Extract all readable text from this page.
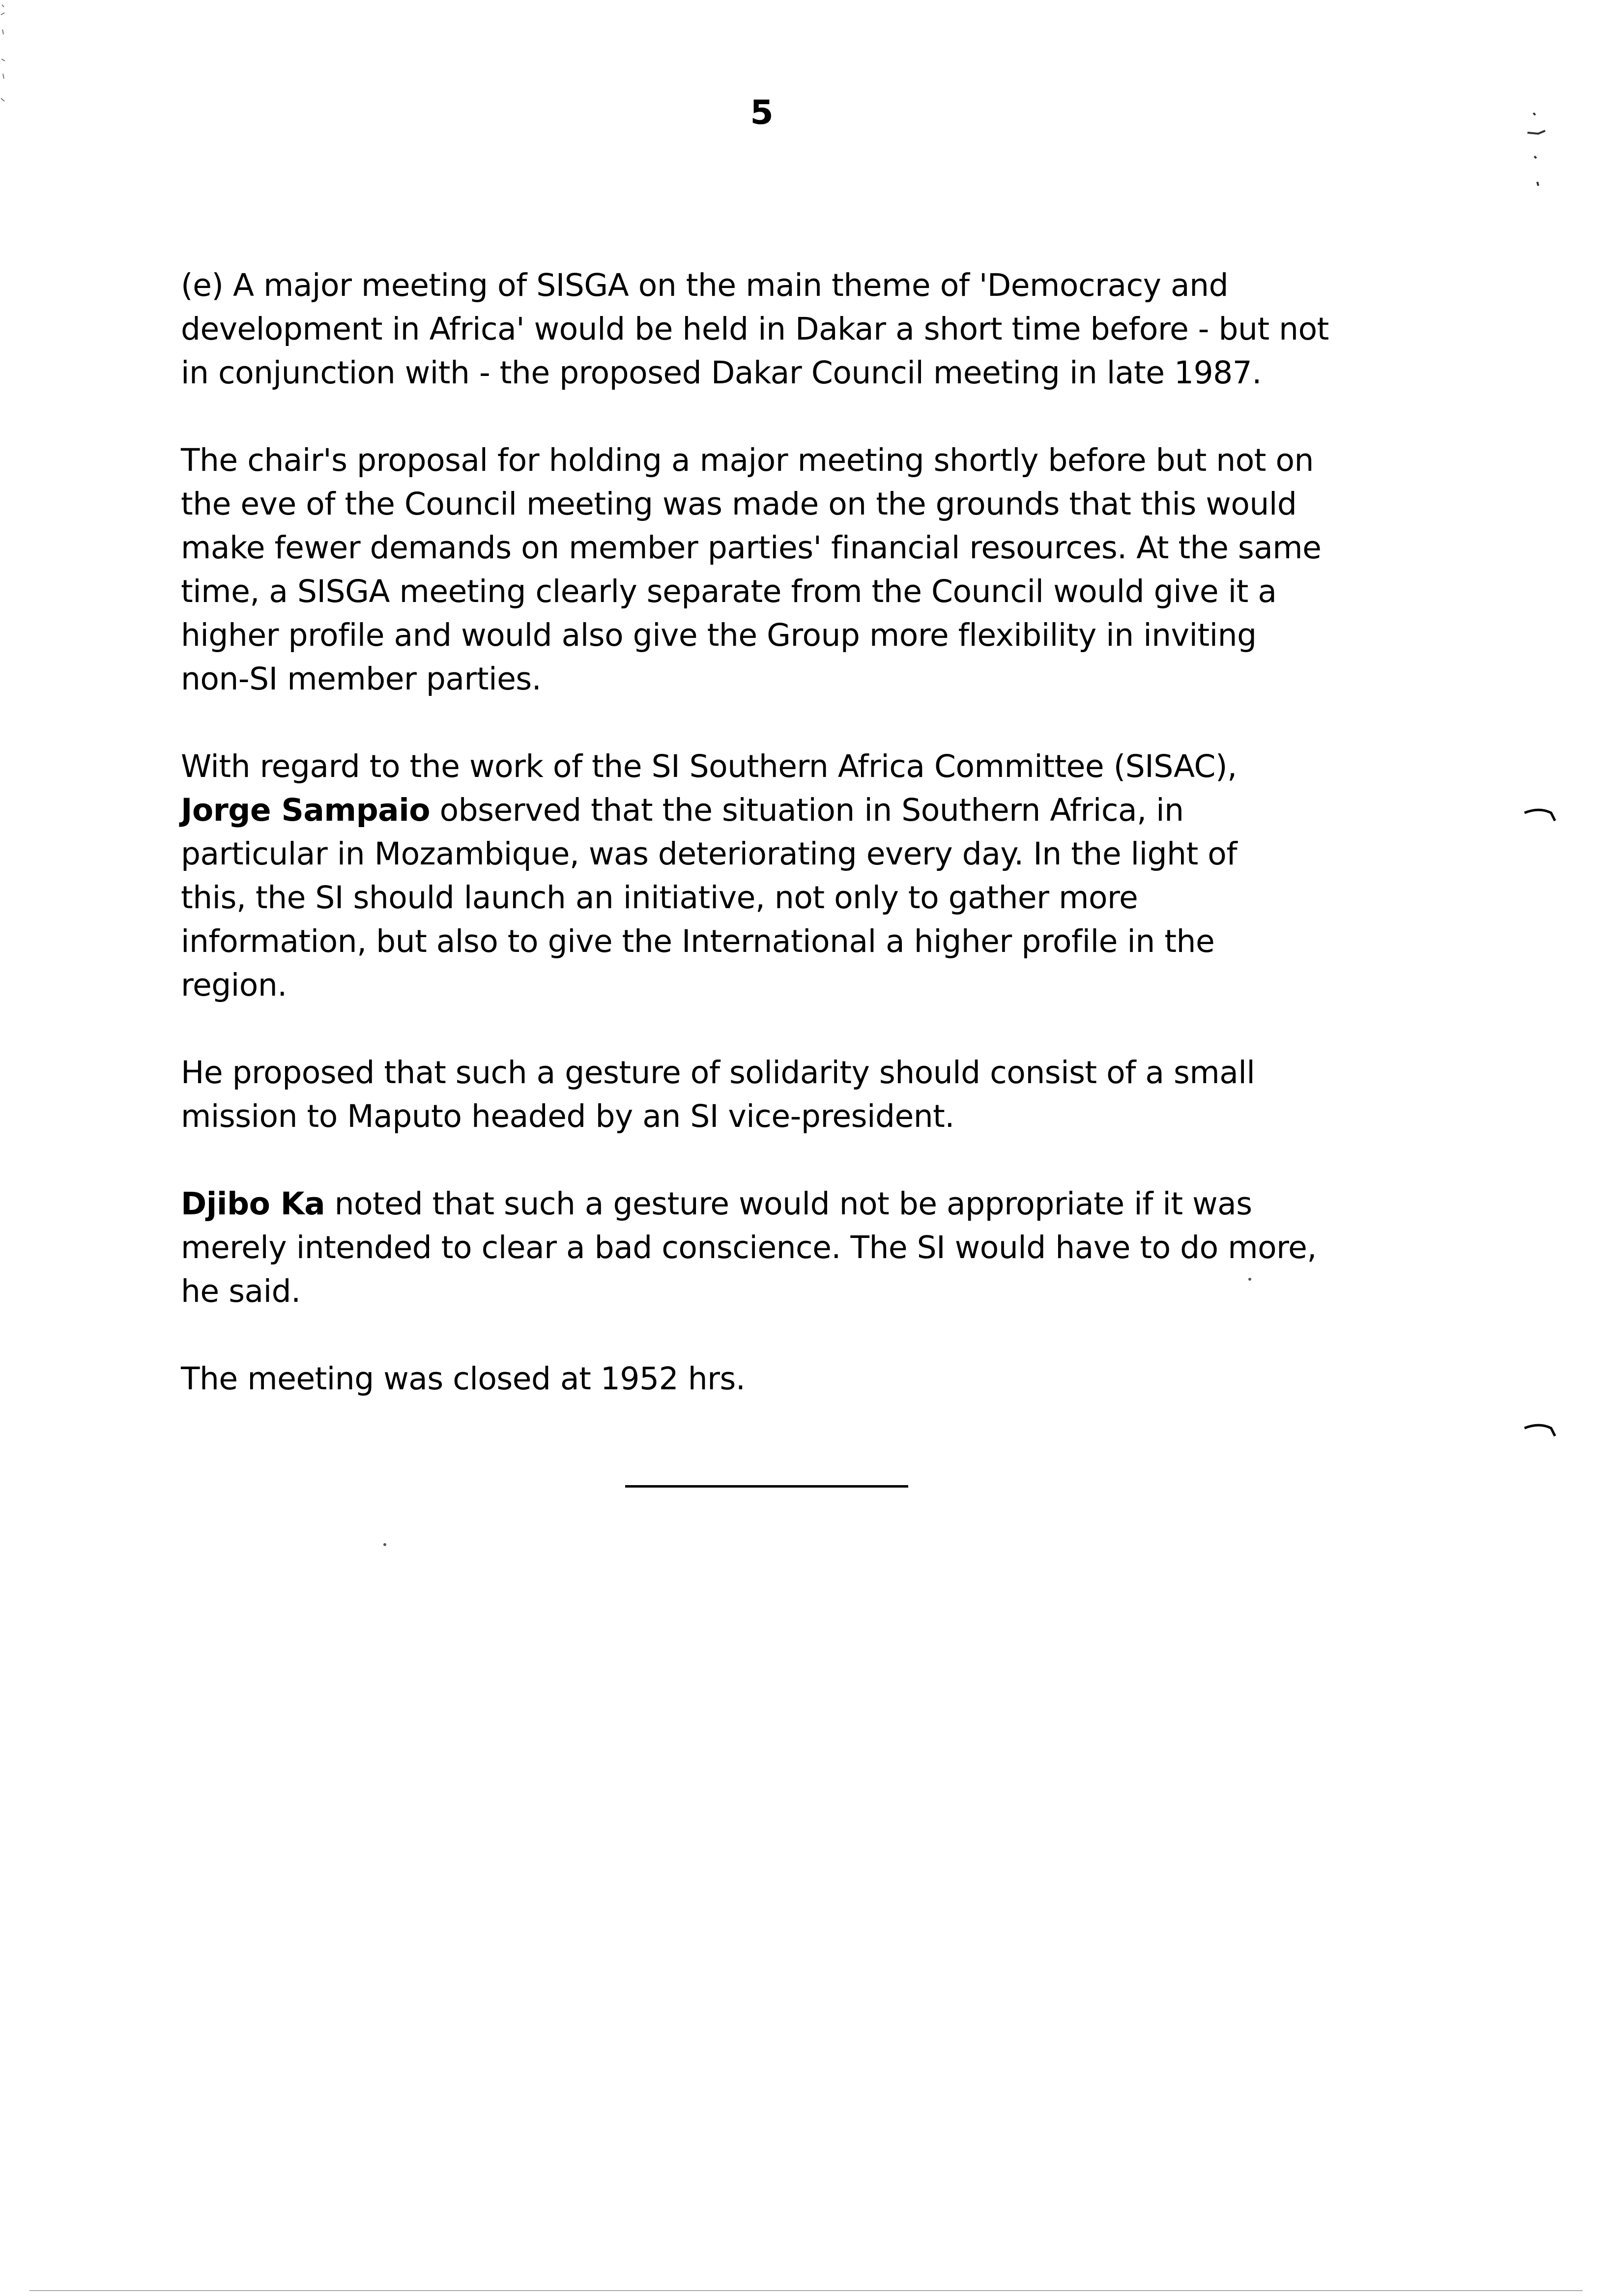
5

(e) A major meeting of SISGA on the main theme of 'Democracy and
development in Africa' would be held in Dakar a short time before - but not
in conjunction with - the proposed Dakar Council meeting in late 1987.

The chair's proposal for holding a major meeting shortly before but not on
the eve of the Council meeting was made on the grounds that this would
make fewer demands on member parties' financial resources. At the same
time, a SISGA meeting clearly separate from the Council would give it a
higher profile and would also give the Group more flexibility in inviting
non-SI member parties.

With regard to the work of the SI Southern Africa Committee (SISAC),
Jorge Sampaio observed that the situation in Southern Africa, in
particular in Mozambique, was deteriorating every day. In the light of
this, the SI should launch an initiative, not only to gather more
information, but also to give the International a higher profile in the
region.

He proposed that such a gesture of solidarity should consist of a small
mission to Maputo headed by an SI vice-president.

Djibo Ka noted that such a gesture would not be appropriate if it was
merely intended to clear a bad conscience. The SI would have to do more,
he said.

The meeting was closed at 1952 hrs.
